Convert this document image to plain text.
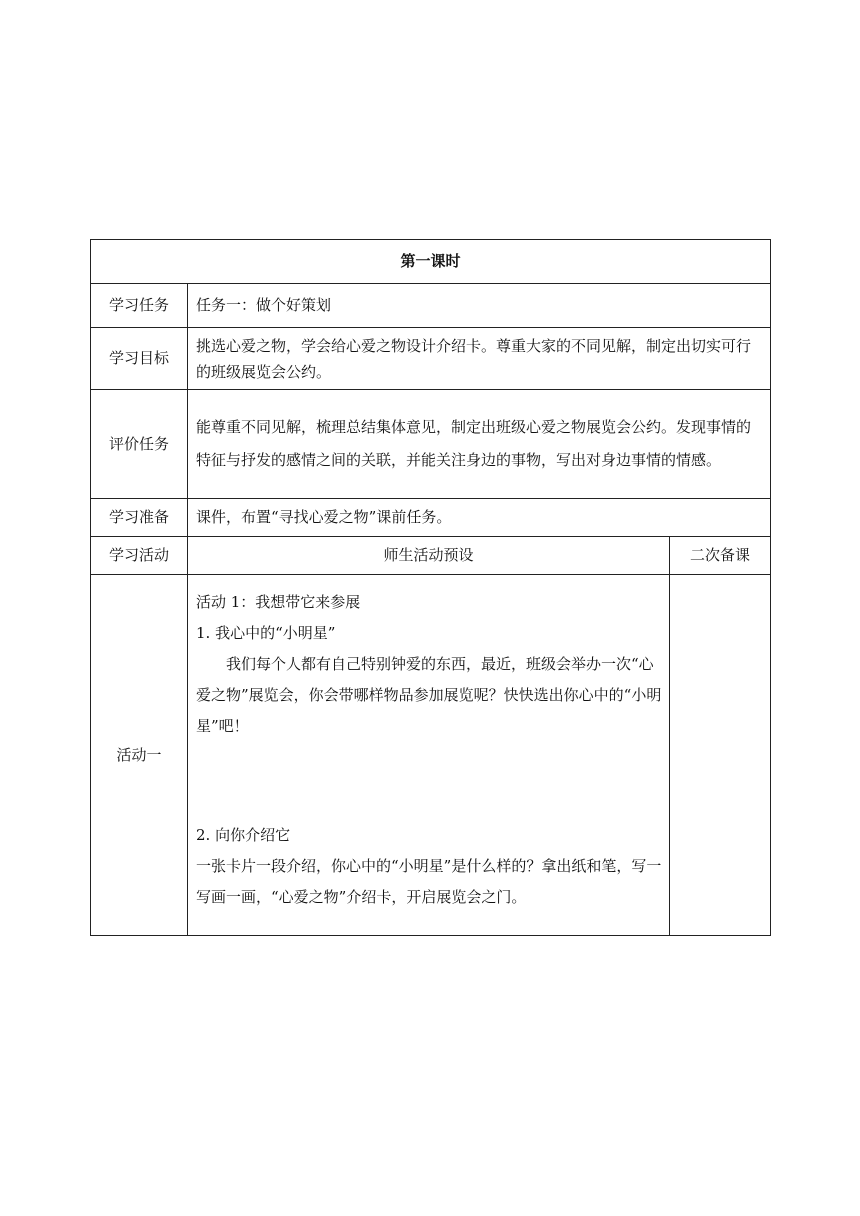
第一课时		
学习任务	任务一：做个好策划	
学习目标	挑选心爱之物，学会给心爱之物设计介绍卡。尊重大家的不同见解，制定出切实可行的班级展览会公约。	
评价任务	能尊重不同见解，梳理总结集体意见，制定出班级心爱之物展览会公约。发现事情的特征与抒发的感情之间的关联，并能关注身边的事物，写出对身边事情的情感。	
学习准备	课件，布置“寻找心爱之物”课前任务。	
学习活动	师生活动预设	二次备课
活动一	活动 1：我想带它来参展

1. 我心中的“小明星”

我们每个人都有自己特别钟爱的东西，最近，班级会举办一次“心爱之物”展览会，你会带哪样物品参加展览呢？快快选出你心中的“小明星”吧！

2. 向你介绍它

一张卡片一段介绍，你心中的“小明星”是什么样的？拿出纸和笔，写一写画一画，“心爱之物”介绍卡，开启展览会之门。	
